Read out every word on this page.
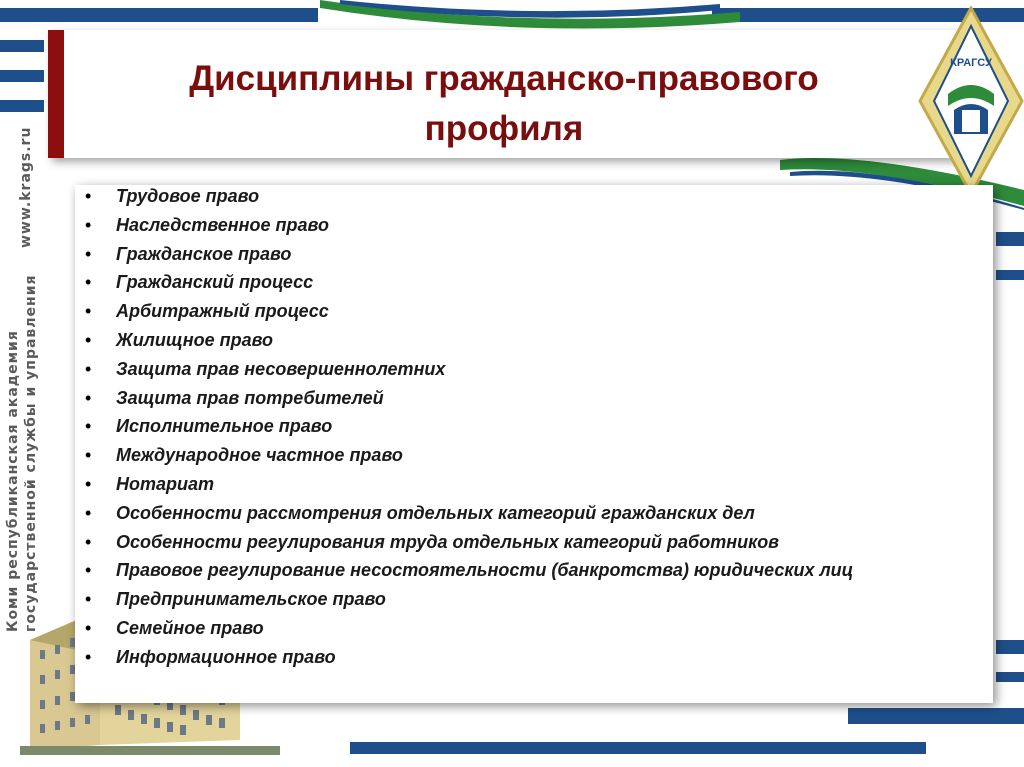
www.krags.ru
Коми республиканская академия государственной службы и управления
Дисциплины гражданско-правового
профиля
КРАГСУ
• Трудовое право
• Наследственное право
• Гражданское право
• Гражданский процесс
• Арбитражный процесс
• Жилищное право
• Защита прав несовершеннолетних
• Защита прав потребителей
• Исполнительное право
• Международное частное право
• Нотариат
• Особенности рассмотрения отдельных категорий гражданских дел
• Особенности регулирования труда отдельных категорий работников
• Правовое регулирование несостоятельности (банкротства) юридических лиц
• Предпринимательское право
• Семейное право
• Информационное право
